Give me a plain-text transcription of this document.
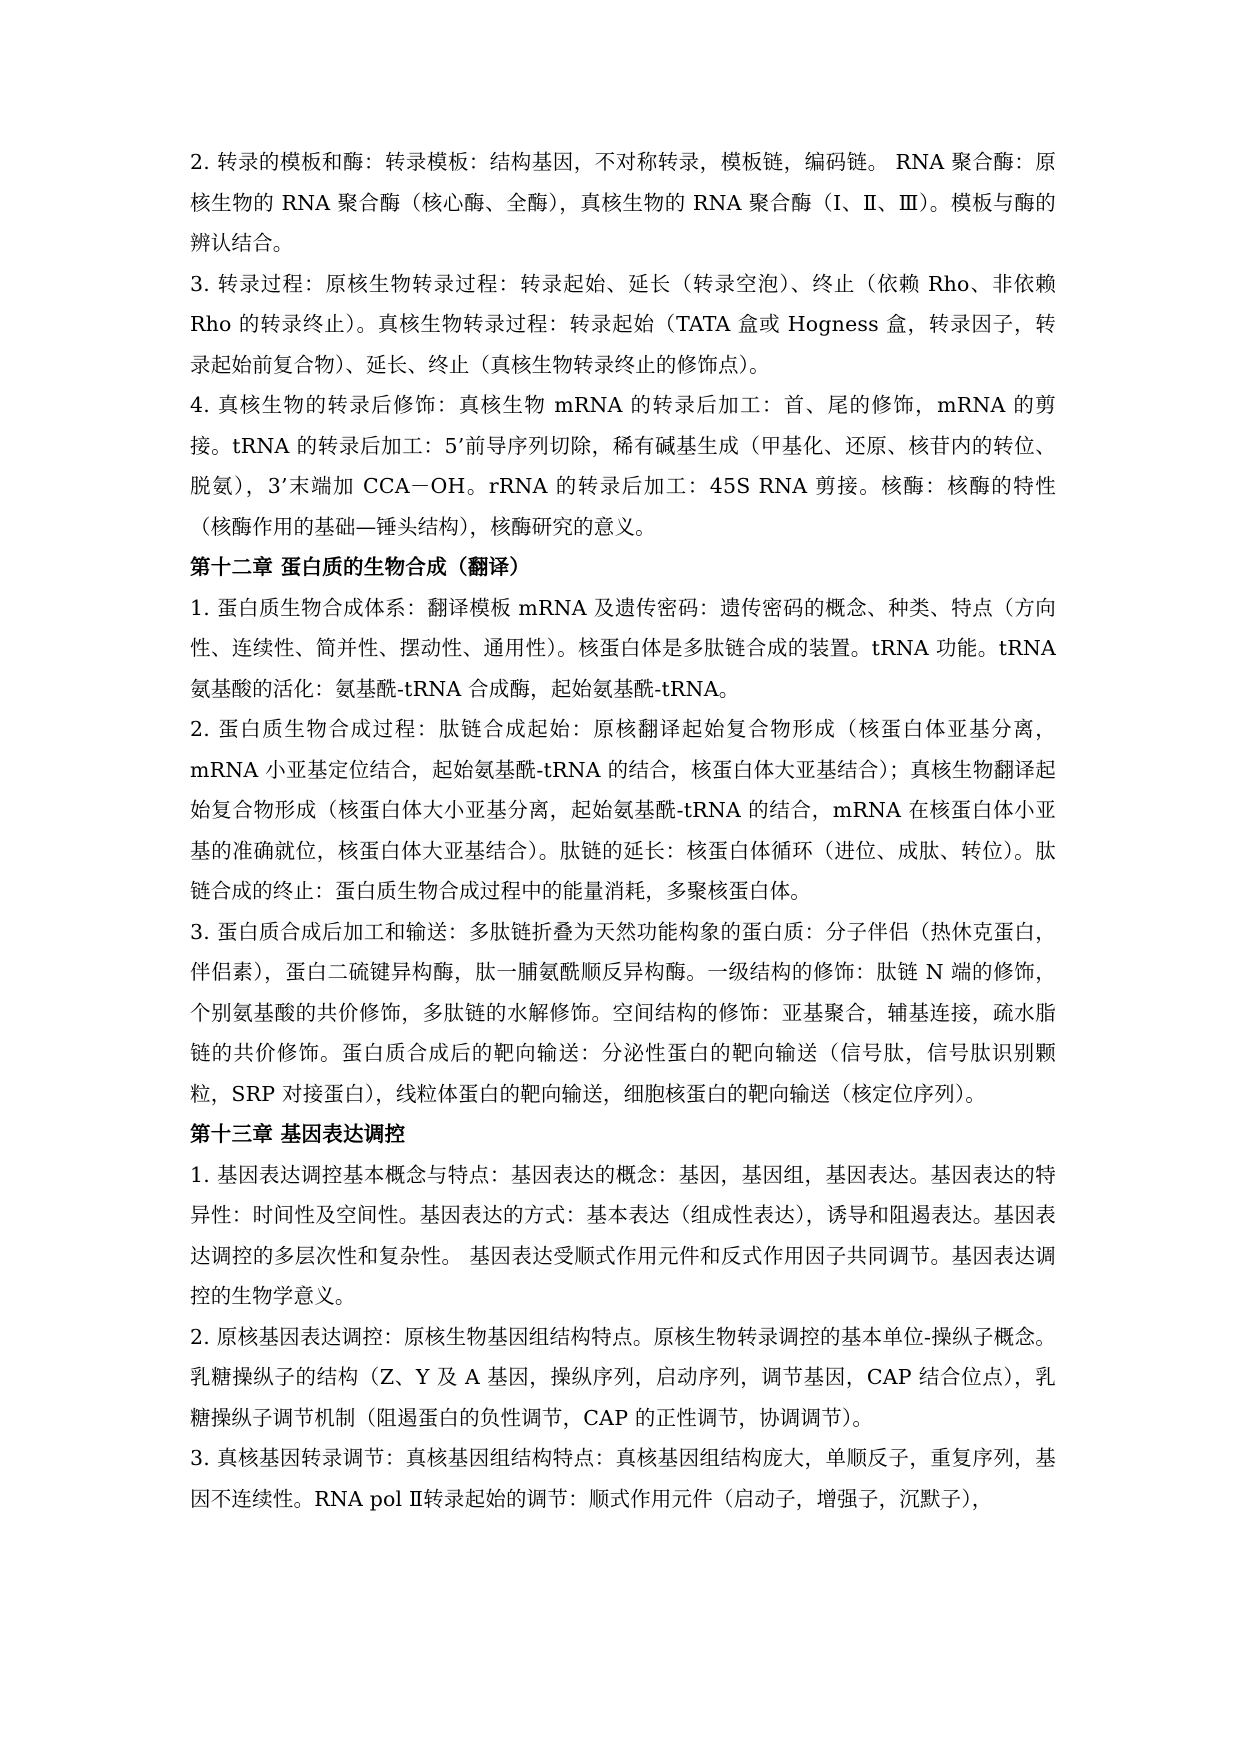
2. 转录的模板和酶：转录模板：结构基因，不对称转录，模板链，编码链。 RNA 聚合酶：原核生物的 RNA 聚合酶（核心酶、全酶），真核生物的 RNA 聚合酶（Ⅰ、Ⅱ、Ⅲ）。模板与酶的辨认结合。

3. 转录过程：原核生物转录过程：转录起始、延长（转录空泡）、终止（依赖 Rho、非依赖 Rho 的转录终止）。真核生物转录过程：转录起始（TATA 盒或 Hogness 盒，转录因子，转录起始前复合物）、延长、终止（真核生物转录终止的修饰点）。

4. 真核生物的转录后修饰：真核生物 mRNA 的转录后加工：首、尾的修饰，mRNA 的剪接。tRNA 的转录后加工：5’前导序列切除，稀有碱基生成（甲基化、还原、核苷内的转位、脱氨），3’末端加 CCA－OH。rRNA 的转录后加工：45S RNA 剪接。核酶：核酶的特性（核酶作用的基础—锤头结构），核酶研究的意义。

第十二章 蛋白质的生物合成（翻译）

1. 蛋白质生物合成体系：翻译模板 mRNA 及遗传密码：遗传密码的概念、种类、特点（方向性、连续性、简并性、摆动性、通用性）。核蛋白体是多肽链合成的装置。tRNA 功能。tRNA 氨基酸的活化：氨基酰-tRNA 合成酶，起始氨基酰-tRNA。

2. 蛋白质生物合成过程：肽链合成起始：原核翻译起始复合物形成（核蛋白体亚基分离，mRNA 小亚基定位结合，起始氨基酰-tRNA 的结合，核蛋白体大亚基结合）；真核生物翻译起始复合物形成（核蛋白体大小亚基分离，起始氨基酰-tRNA 的结合，mRNA 在核蛋白体小亚基的准确就位，核蛋白体大亚基结合）。肽链的延长：核蛋白体循环（进位、成肽、转位）。肽链合成的终止：蛋白质生物合成过程中的能量消耗，多聚核蛋白体。

3. 蛋白质合成后加工和输送：多肽链折叠为天然功能构象的蛋白质：分子伴侣（热休克蛋白，伴侣素），蛋白二硫键异构酶，肽一脯氨酰顺反异构酶。一级结构的修饰：肽链 N 端的修饰，个别氨基酸的共价修饰，多肽链的水解修饰。空间结构的修饰：亚基聚合，辅基连接，疏水脂链的共价修饰。蛋白质合成后的靶向输送：分泌性蛋白的靶向输送（信号肽，信号肽识别颗粒，SRP 对接蛋白），线粒体蛋白的靶向输送，细胞核蛋白的靶向输送（核定位序列）。

第十三章 基因表达调控

1. 基因表达调控基本概念与特点：基因表达的概念：基因，基因组，基因表达。基因表达的特异性：时间性及空间性。基因表达的方式：基本表达（组成性表达），诱导和阻遏表达。基因表达调控的多层次性和复杂性。 基因表达受顺式作用元件和反式作用因子共同调节。基因表达调控的生物学意义。

2. 原核基因表达调控：原核生物基因组结构特点。原核生物转录调控的基本单位-操纵子概念。乳糖操纵子的结构（Z、Y 及 A 基因，操纵序列，启动序列，调节基因，CAP 结合位点），乳糖操纵子调节机制（阻遏蛋白的负性调节，CAP 的正性调节，协调调节）。

3. 真核基因转录调节：真核基因组结构特点：真核基因组结构庞大，单顺反子，重复序列，基因不连续性。RNA pol Ⅱ转录起始的调节：顺式作用元件（启动子，增强子，沉默子），
